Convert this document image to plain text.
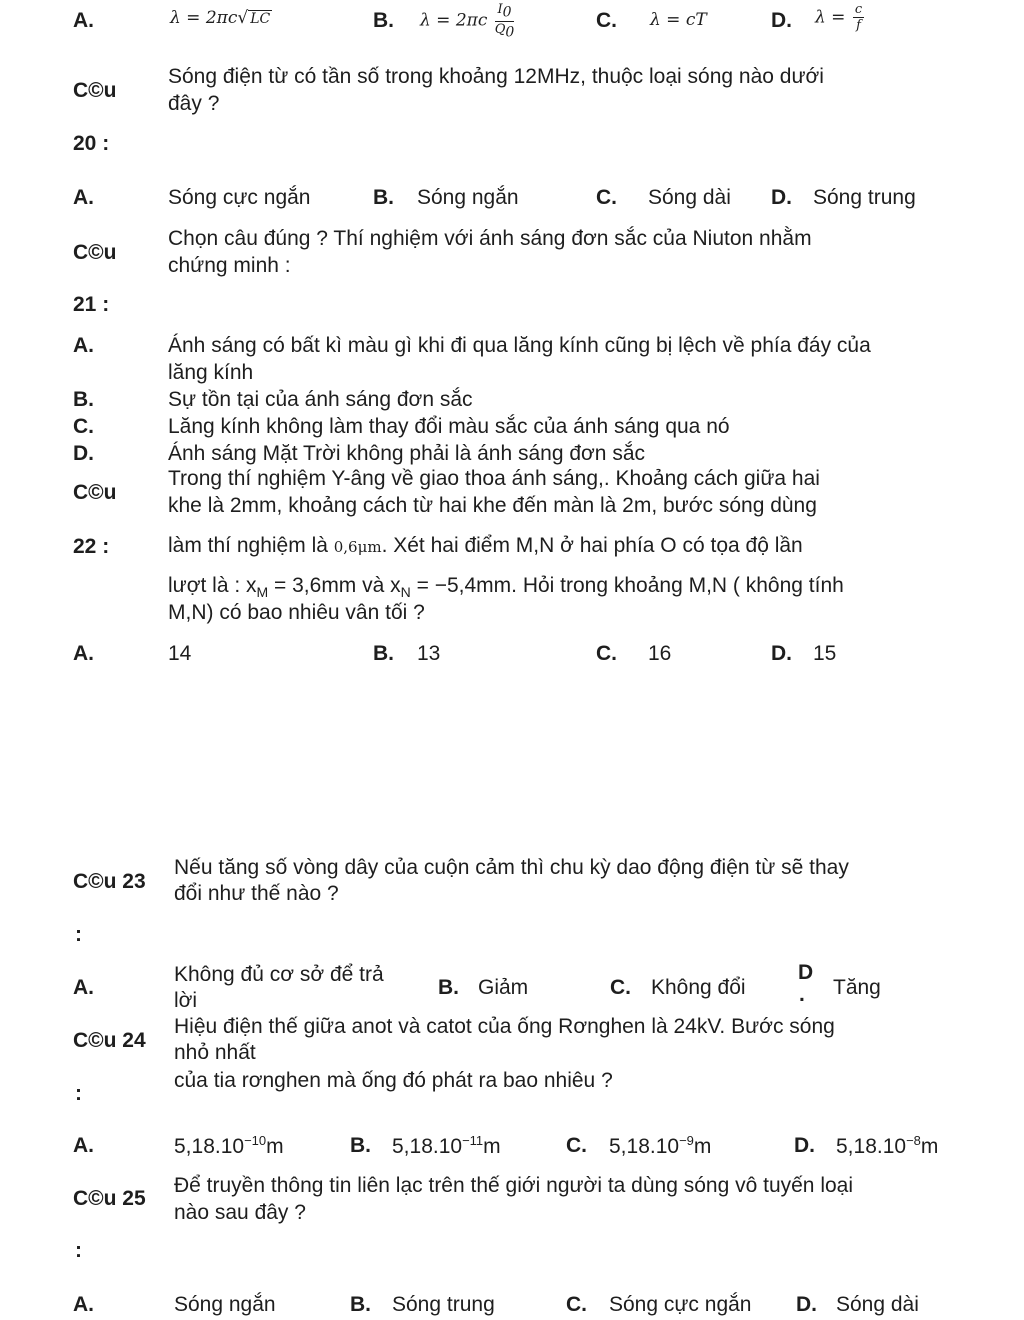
A.	λ = 2πc√ LC	B. $\lambda = 2\pi c \frac{I_0}{Q_0}$	C. λ = cT	D. $\lambda = \frac{c}{f}$
C©u
Sóng điện từ có tần số trong khoảng 12MHz, thuộc loại sóng nào dưới
đây ?
20 :
A.	Sóng cực ngắn	B. Sóng ngắn	C. Sóng dài D. Sóng trung
C©u
Chọn câu đúng ? Thí nghiệm với ánh sáng đơn sắc của Niuton nhằm
chứng minh :
21 :
A.	Ánh sáng có bất kì màu gì khi đi qua lăng kính cũng bị lệch về phía đáy của
lăng kính
B.	Sự tồn tại của ánh sáng đơn sắc
C.	Lăng kính không làm thay đổi màu sắc của ánh sáng qua nó
D.	Ánh sáng Mặt Trời không phải là ánh sáng đơn sắc
C©u
Trong thí nghiệm Y-âng về giao thoa ánh sáng,. Khoảng cách giữa hai
khe là 2mm, khoảng cách từ hai khe đến màn là 2m, bước sóng dùng
22 :	làm thí nghiệm là 0,6μm. Xét hai điểm M,N ở hai phía O có tọa độ lần
lượt là : $x_M = 3,6mm$ và $x_N = -5,4mm$. Hỏi trong khoảng M,N ( không tính
M,N) có bao nhiêu vân tối ?
A.	14	B. 13	C. 16	D. 15
C©u 23
Nếu tăng số vòng dây của cuộn cảm thì chu kỳ dao động điện từ sẽ thay
đổi như thế nào ?
:
A.
Không đủ cơ sở để trả
lời
B. Giảm	C. Không đổi
D
. Tăng
C©u 24
Hiệu điện thế giữa anot và catot của ống Rơnghen là 24kV. Bước sóng
nhỏ nhất
của tia rơnghen mà ống đó phát ra bao nhiêu ?
:
A.	$5,18.10^{-10}m$	B. $5,18.10^{-11}m$	C. $5,18.10^{-9}m$	D. $5,18.10^{-8}m$
C©u 25
Để truyền thông tin liên lạc trên thế giới người ta dùng sóng vô tuyến loại
nào sau đây ?
:
A.	Sóng ngắn	B. Sóng trung	C. Sóng cực ngắn D. Sóng dài
